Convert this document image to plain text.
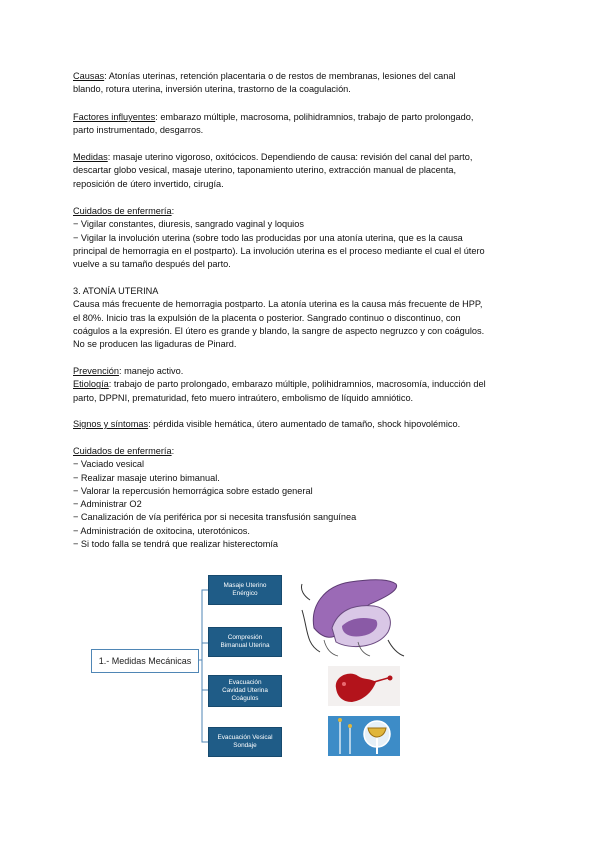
Causas: Atonías uterinas, retención placentaria o de restos de membranas, lesiones del canal
blando, rotura uterina, inversión uterina, trastorno de la coagulación.

Factores influyentes: embarazo múltiple, macrosoma, polihidramnios, trabajo de parto prolongado,
parto instrumentado, desgarros.

Medidas: masaje uterino vigoroso, oxitócicos. Dependiendo de causa: revisión del canal del parto,
descartar globo vesical, masaje uterino, taponamiento uterino, extracción manual de placenta,
reposición de útero invertido, cirugía.

Cuidados de enfermería:
− Vigilar constantes, diuresis, sangrado vaginal y loquios
− Vigilar la involución uterina (sobre todo las producidas por una atonía uterina, que es la causa
principal de hemorragia en el postparto). La involución uterina es el proceso mediante el cual el útero
vuelve a su tamaño después del parto.

3. ATONÍA UTERINA
Causa más frecuente de hemorragia postparto. La atonía uterina es la causa más frecuente de HPP,
el 80%. Inicio tras la expulsión de la placenta o posterior. Sangrado continuo o discontinuo, con
coágulos a la expresión. El útero es grande y blando, la sangre de aspecto negruzco y con coágulos.
No se producen las ligaduras de Pinard.

Prevención: manejo activo.
Etiología: trabajo de parto prolongado, embarazo múltiple, polihidramnios, macrosomía, inducción del
parto, DPPNI, prematuridad, feto muero intraútero, embolismo de líquido amniótico.

Signos y síntomas: pérdida visible hemática, útero aumentado de tamaño, shock hipovolémico.

Cuidados de enfermería:
− Vaciado vesical
− Realizar masaje uterino bimanual.
− Valorar la repercusión hemorrágica sobre estado general
− Administrar O2
− Canalización de vía periférica por si necesita transfusión sanguínea
− Administración de oxitocina, uterotónicos.
− Si todo falla se tendrá que realizar histerectomía

1.- Medidas Mecánicas
Masaje Uterino
Enérgico
Compresión
Bimanual Uterina
Evacuación
Cavidad Uterina
Coágulos
Evacuación Vesical
Sondaje
